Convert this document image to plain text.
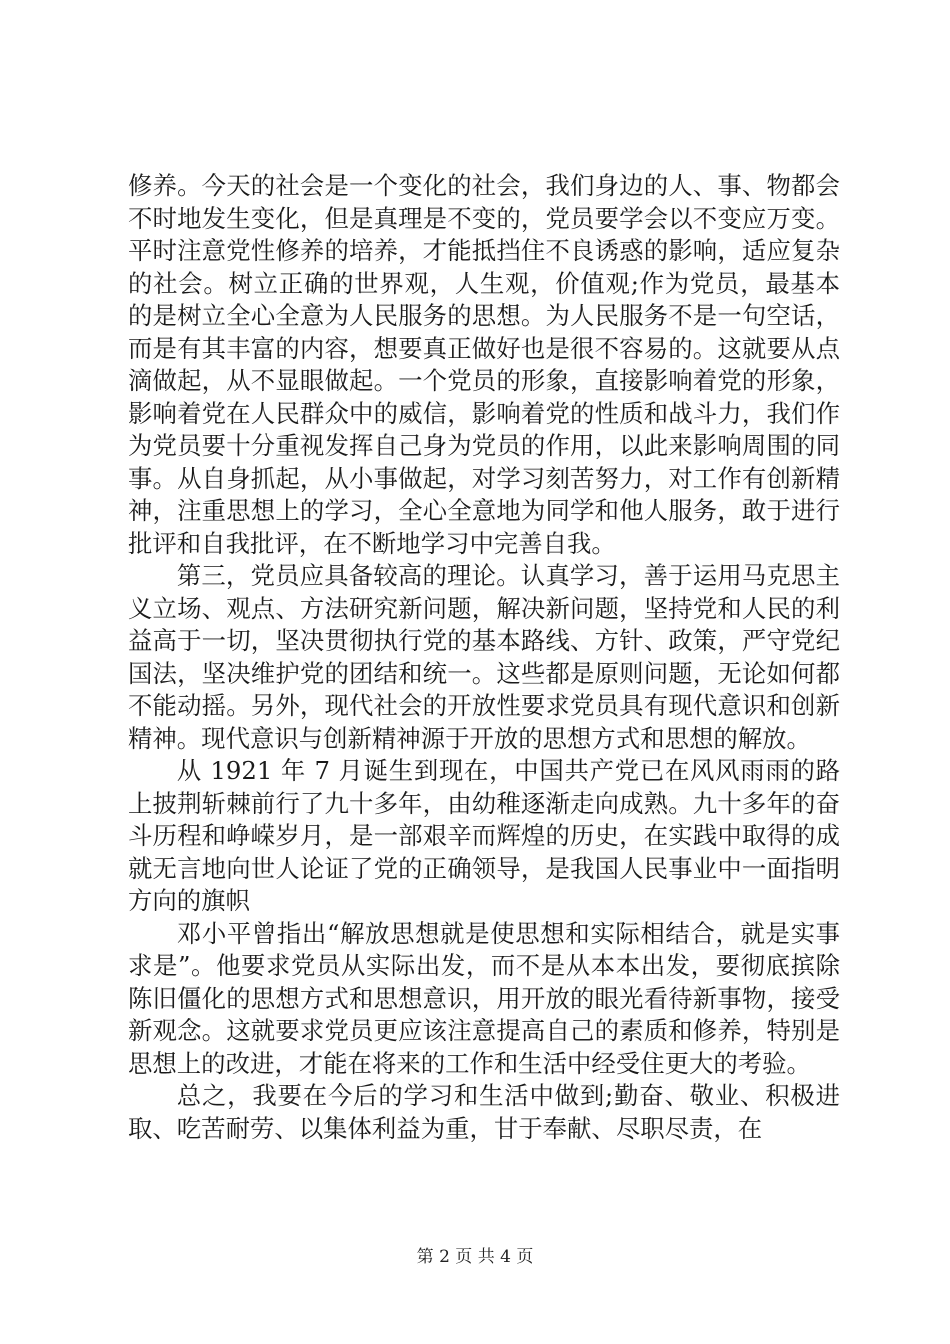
修养。今天的社会是一个变化的社会，我们身边的人、事、物都会不时地发生变化，但是真理是不变的，党员要学会以不变应万变。平时注意党性修养的培养，才能抵挡住不良诱惑的影响，适应复杂的社会。树立正确的世界观，人生观，价值观;作为党员，最基本的是树立全心全意为人民服务的思想。为人民服务不是一句空话，而是有其丰富的内容，想要真正做好也是很不容易的。这就要从点滴做起，从不显眼做起。一个党员的形象，直接影响着党的形象，影响着党在人民群众中的威信，影响着党的性质和战斗力，我们作为党员要十分重视发挥自己身为党员的作用，以此来影响周围的同事。从自身抓起，从小事做起，对学习刻苦努力，对工作有创新精神，注重思想上的学习，全心全意地为同学和他人服务，敢于进行批评和自我批评，在不断地学习中完善自我。

第三，党员应具备较高的理论。认真学习，善于运用马克思主义立场、观点、方法研究新问题，解决新问题，坚持党和人民的利益高于一切，坚决贯彻执行党的基本路线、方针、政策，严守党纪国法，坚决维护党的团结和统一。这些都是原则问题，无论如何都不能动摇。另外，现代社会的开放性要求党员具有现代意识和创新精神。现代意识与创新精神源于开放的思想方式和思想的解放。

从 1921 年 7 月诞生到现在，中国共产党已在风风雨雨的路上披荆斩棘前行了九十多年，由幼稚逐渐走向成熟。九十多年的奋斗历程和峥嵘岁月，是一部艰辛而辉煌的历史，在实践中取得的成就无言地向世人论证了党的正确领导，是我国人民事业中一面指明方向的旗帜

邓小平曾指出“解放思想就是使思想和实际相结合，就是实事求是”。他要求党员从实际出发，而不是从本本出发，要彻底摈除陈旧僵化的思想方式和思想意识，用开放的眼光看待新事物，接受新观念。这就要求党员更应该注意提高自己的素质和修养，特别是思想上的改进，才能在将来的工作和生活中经受住更大的考验。

总之，我要在今后的学习和生活中做到;勤奋、敬业、积极进取、吃苦耐劳、以集体利益为重，甘于奉献、尽职尽责，在

第 2 页 共 4 页
